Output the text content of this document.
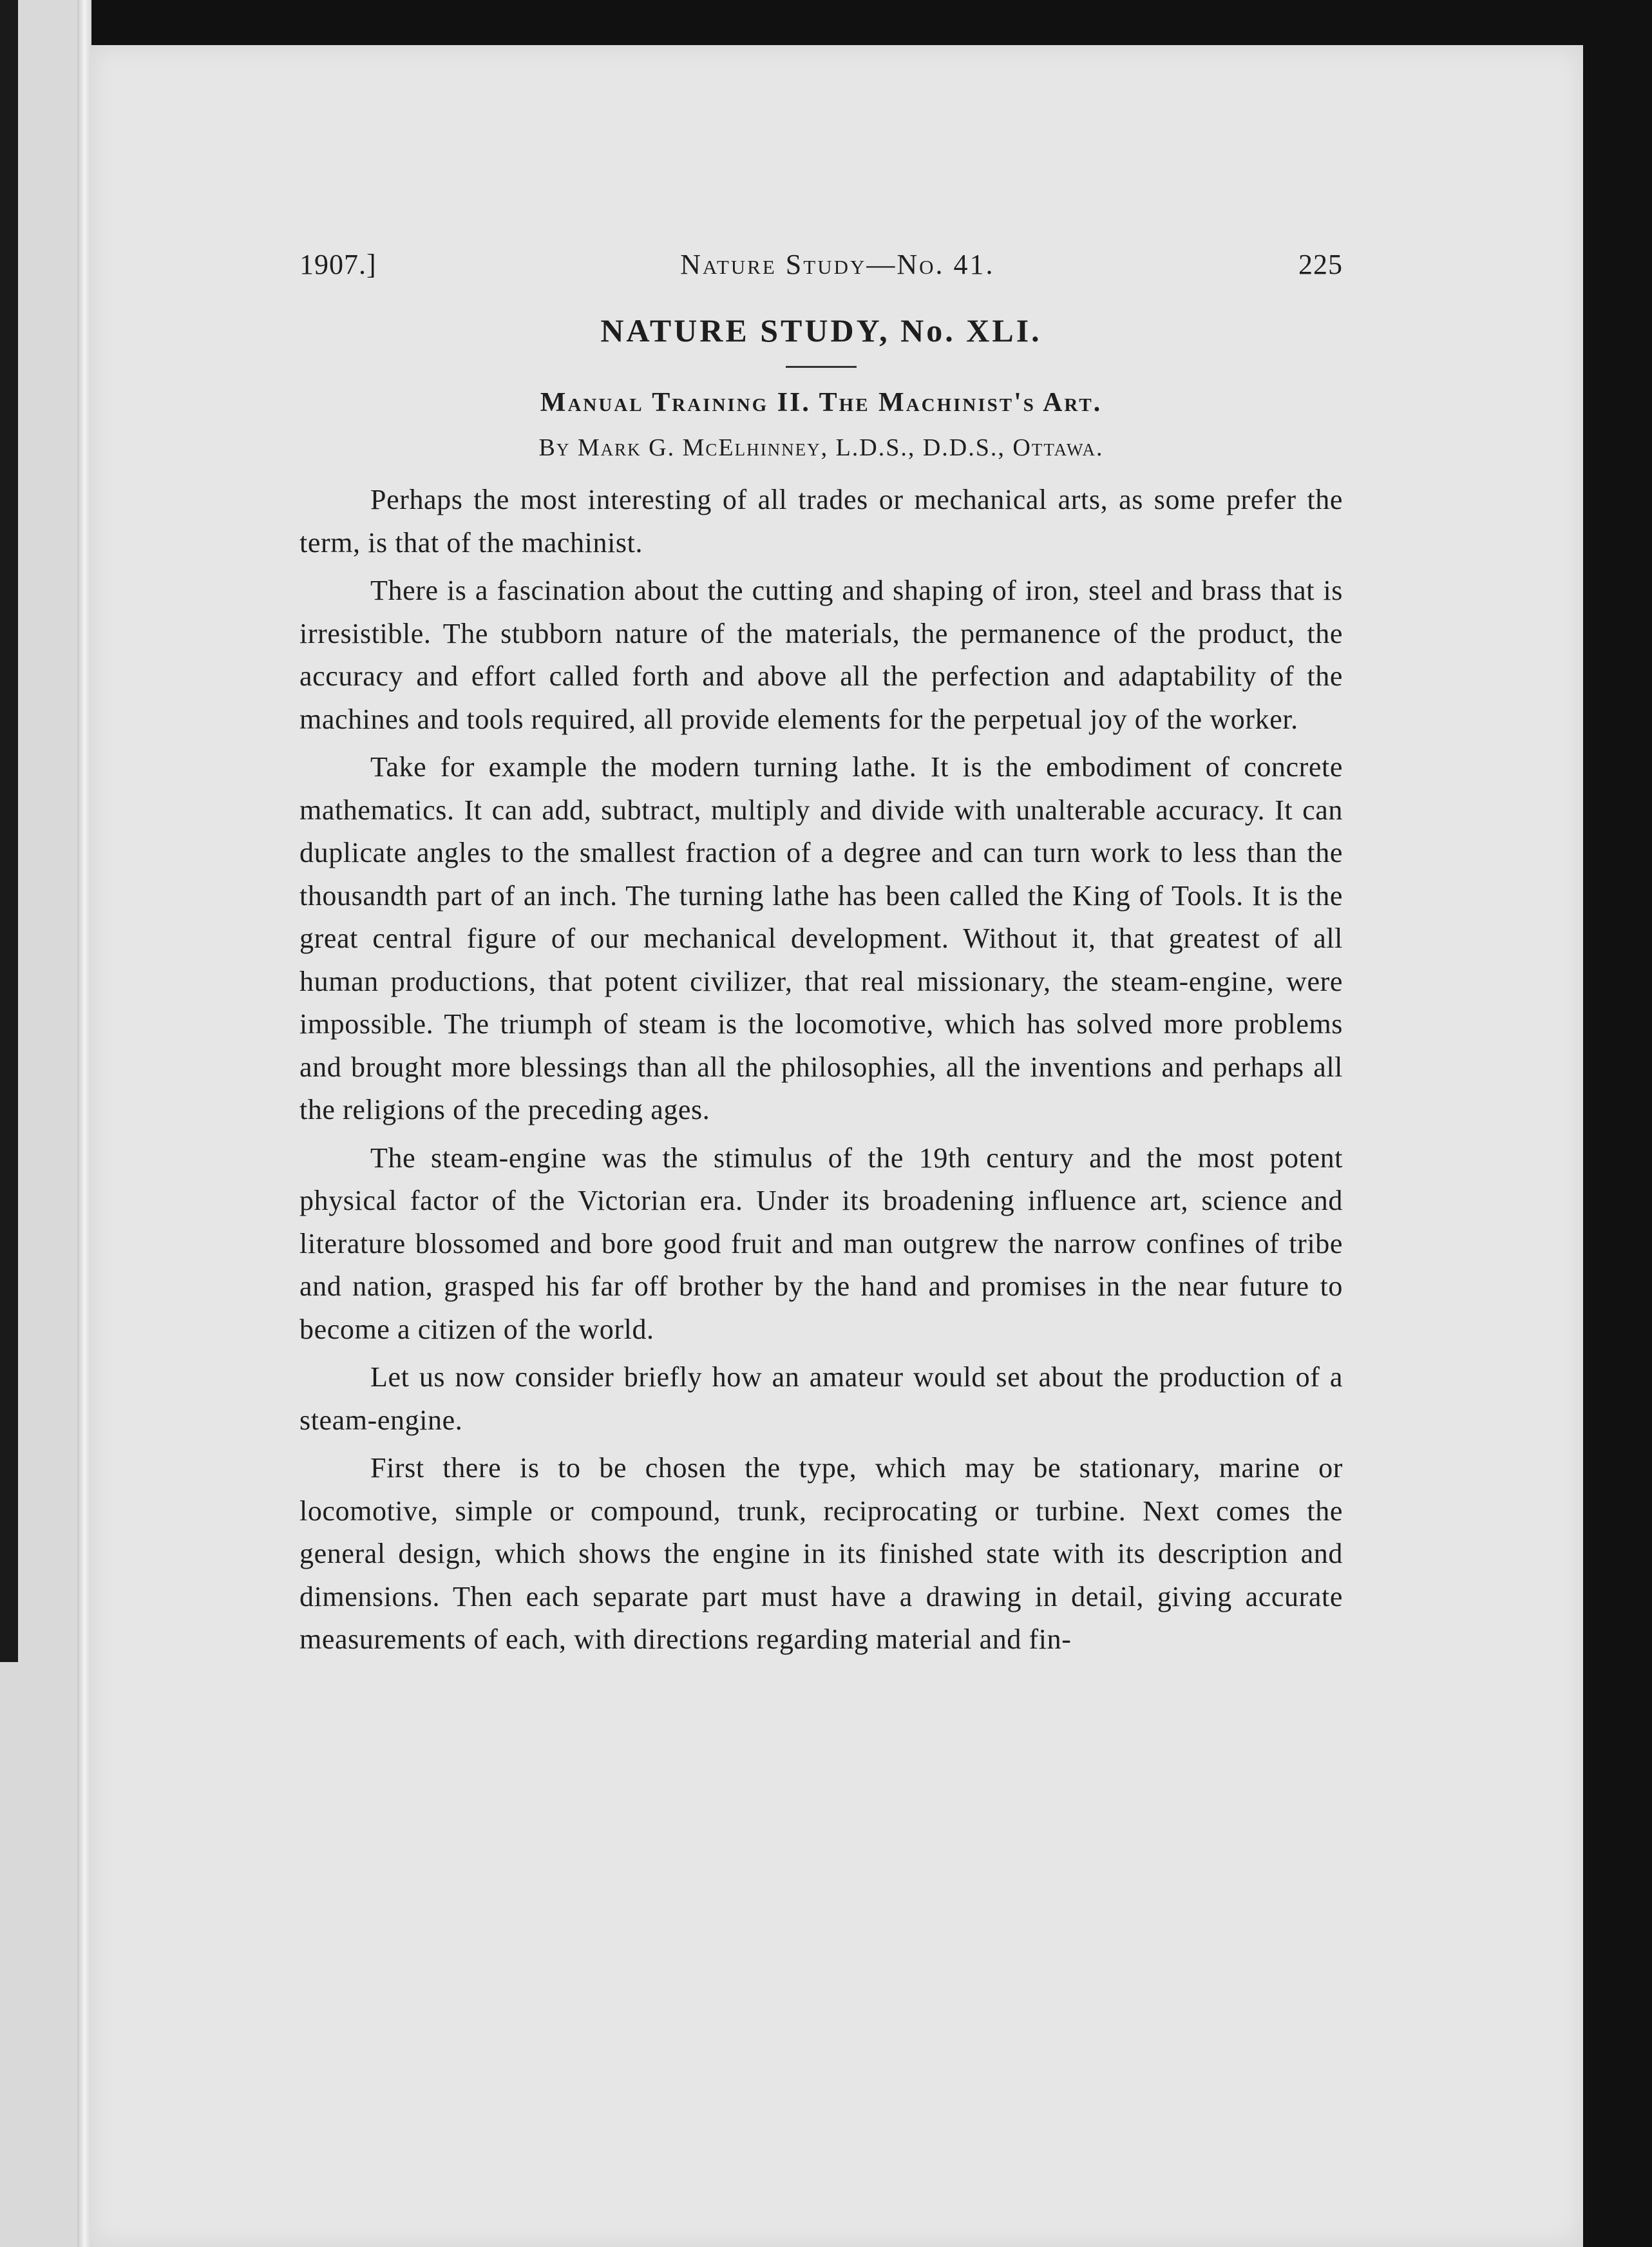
1907.]	Nature Study—No. 41.	225
NATURE STUDY, No. XLI.
Manual Training II. The Machinist's Art.

By Mark G. McElhinney, L.D.S., D.D.S., Ottawa.

Perhaps the most interesting of all trades or mechanical arts, as some prefer the term, is that of the machinist.

There is a fascination about the cutting and shaping of iron, steel and brass that is irresistible. The stubborn nature of the materials, the permanence of the product, the accuracy and effort called forth and above all the perfection and adaptability of the machines and tools required, all provide elements for the perpetual joy of the worker.

Take for example the modern turning lathe. It is the embodiment of concrete mathematics. It can add, subtract, multiply and divide with unalterable accuracy. It can duplicate angles to the smallest fraction of a degree and can turn work to less than the thousandth part of an inch. The turning lathe has been called the King of Tools. It is the great central figure of our mechanical development. Without it, that greatest of all human productions, that potent civilizer, that real missionary, the steam-engine, were impossible. The triumph of steam is the locomotive, which has solved more problems and brought more blessings than all the philosophies, all the inventions and perhaps all the religions of the preceding ages.

The steam-engine was the stimulus of the 19th century and the most potent physical factor of the Victorian era. Under its broadening influence art, science and literature blossomed and bore good fruit and man outgrew the narrow confines of tribe and nation, grasped his far off brother by the hand and promises in the near future to become a citizen of the world.

Let us now consider briefly how an amateur would set about the production of a steam-engine.

First there is to be chosen the type, which may be stationary, marine or locomotive, simple or compound, trunk, reciprocating or turbine. Next comes the general design, which shows the engine in its finished state with its description and dimensions. Then each separate part must have a drawing in detail, giving accurate measurements of each, with directions regarding material and fin-
